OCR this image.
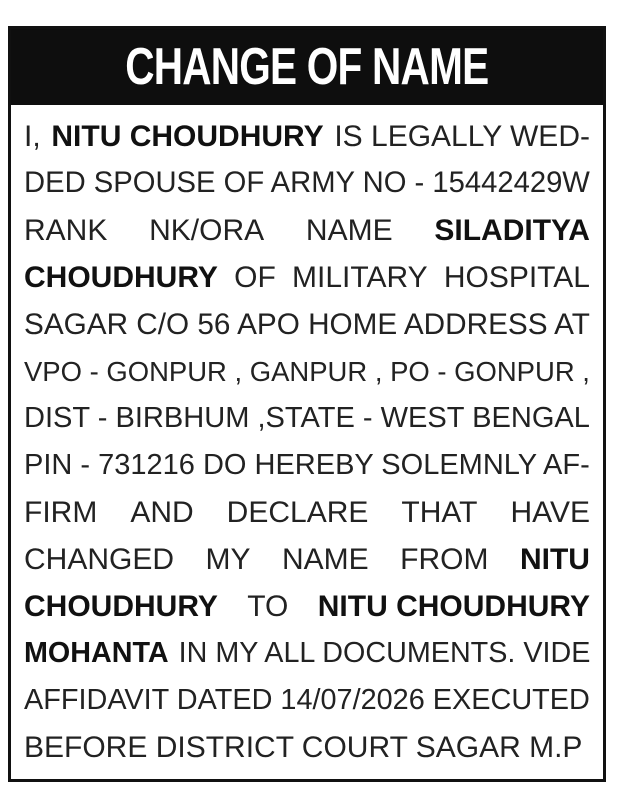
CHANGE OF NAME
I, NITU CHOUDHURY IS LEGALLY WED-
DED SPOUSE OF ARMY NO - 15442429W
RANK NK/ORA NAME SILADITYA
CHOUDHURY OF MILITARY HOSPITAL
SAGAR C/O 56 APO HOME ADDRESS AT
VPO - GONPUR , GANPUR , PO - GONPUR ,
DIST - BIRBHUM ,STATE - WEST BENGAL
PIN - 731216 DO HEREBY SOLEMNLY AF-
FIRM AND DECLARE THAT HAVE
CHANGED MY NAME FROM NITU
CHOUDHURY TO NITU CHOUDHURY
MOHANTA IN MY ALL DOCUMENTS. VIDE
AFFIDAVIT DATED 14/07/2026 EXECUTED
BEFORE DISTRICT COURT SAGAR M.P
